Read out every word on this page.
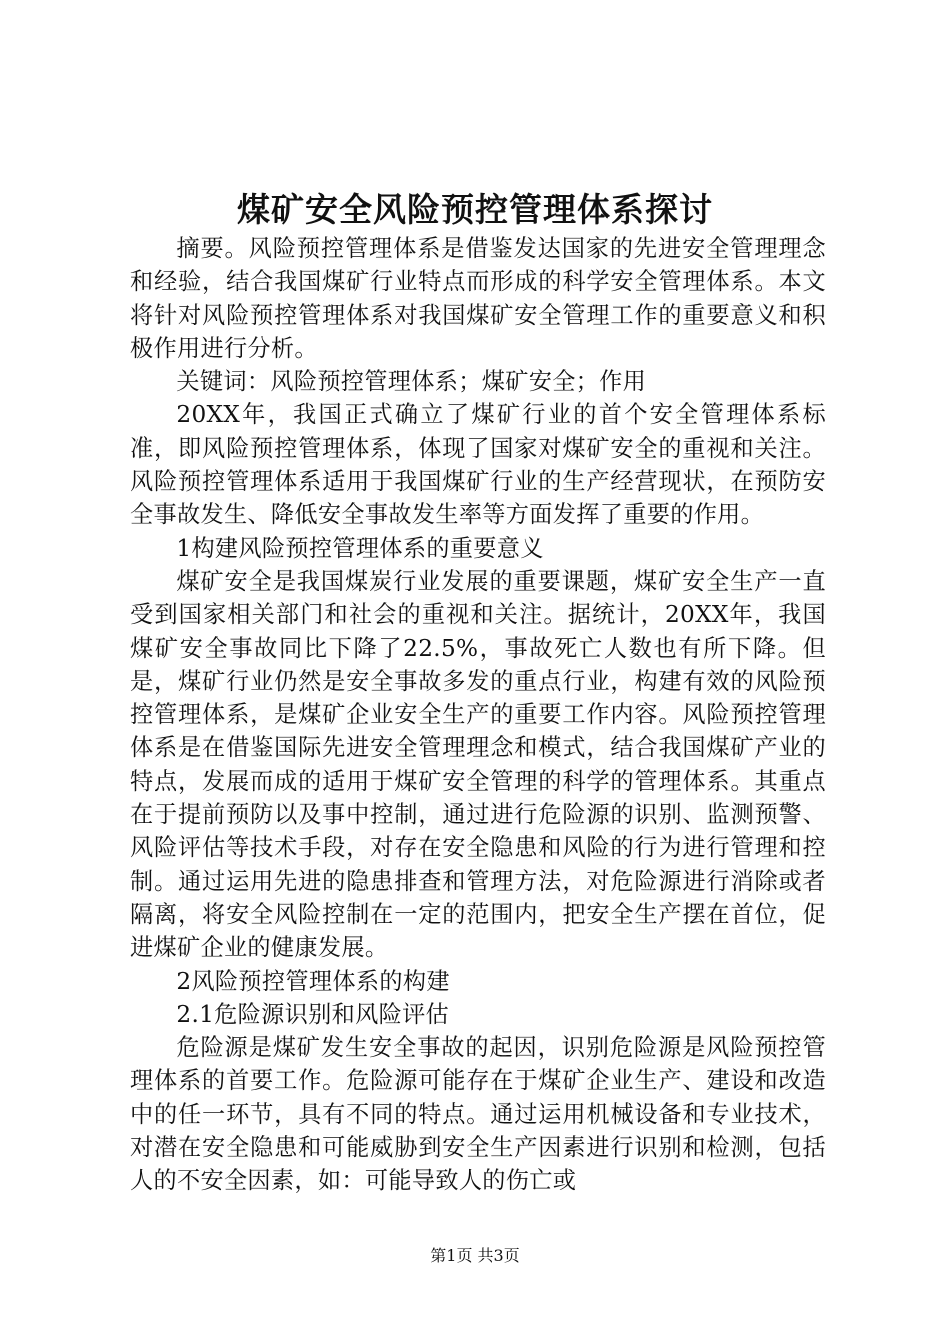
煤矿安全风险预控管理体系探讨

摘要。风险预控管理体系是借鉴发达国家的先进安全管理理念和经验，结合我国煤矿行业特点而形成的科学安全管理体系。本文将针对风险预控管理体系对我国煤矿安全管理工作的重要意义和积极作用进行分析。

关键词：风险预控管理体系；煤矿安全；作用

20XX年，我国正式确立了煤矿行业的首个安全管理体系标准，即风险预控管理体系，体现了国家对煤矿安全的重视和关注。风险预控管理体系适用于我国煤矿行业的生产经营现状，在预防安全事故发生、降低安全事故发生率等方面发挥了重要的作用。

1构建风险预控管理体系的重要意义

煤矿安全是我国煤炭行业发展的重要课题，煤矿安全生产一直受到国家相关部门和社会的重视和关注。据统计，20XX年，我国煤矿安全事故同比下降了22.5%，事故死亡人数也有所下降。但是，煤矿行业仍然是安全事故多发的重点行业，构建有效的风险预控管理体系，是煤矿企业安全生产的重要工作内容。风险预控管理体系是在借鉴国际先进安全管理理念和模式，结合我国煤矿产业的特点，发展而成的适用于煤矿安全管理的科学的管理体系。其重点在于提前预防以及事中控制，通过进行危险源的识别、监测预警、风险评估等技术手段，对存在安全隐患和风险的行为进行管理和控制。通过运用先进的隐患排查和管理方法，对危险源进行消除或者隔离，将安全风险控制在一定的范围内，把安全生产摆在首位，促进煤矿企业的健康发展。

2风险预控管理体系的构建

2.1危险源识别和风险评估

危险源是煤矿发生安全事故的起因，识别危险源是风险预控管理体系的首要工作。危险源可能存在于煤矿企业生产、建设和改造中的任一环节，具有不同的特点。通过运用机械设备和专业技术，对潜在安全隐患和可能威胁到安全生产因素进行识别和检测，包括人的不安全因素，如：可能导致人的伤亡或

第1页 共3页
